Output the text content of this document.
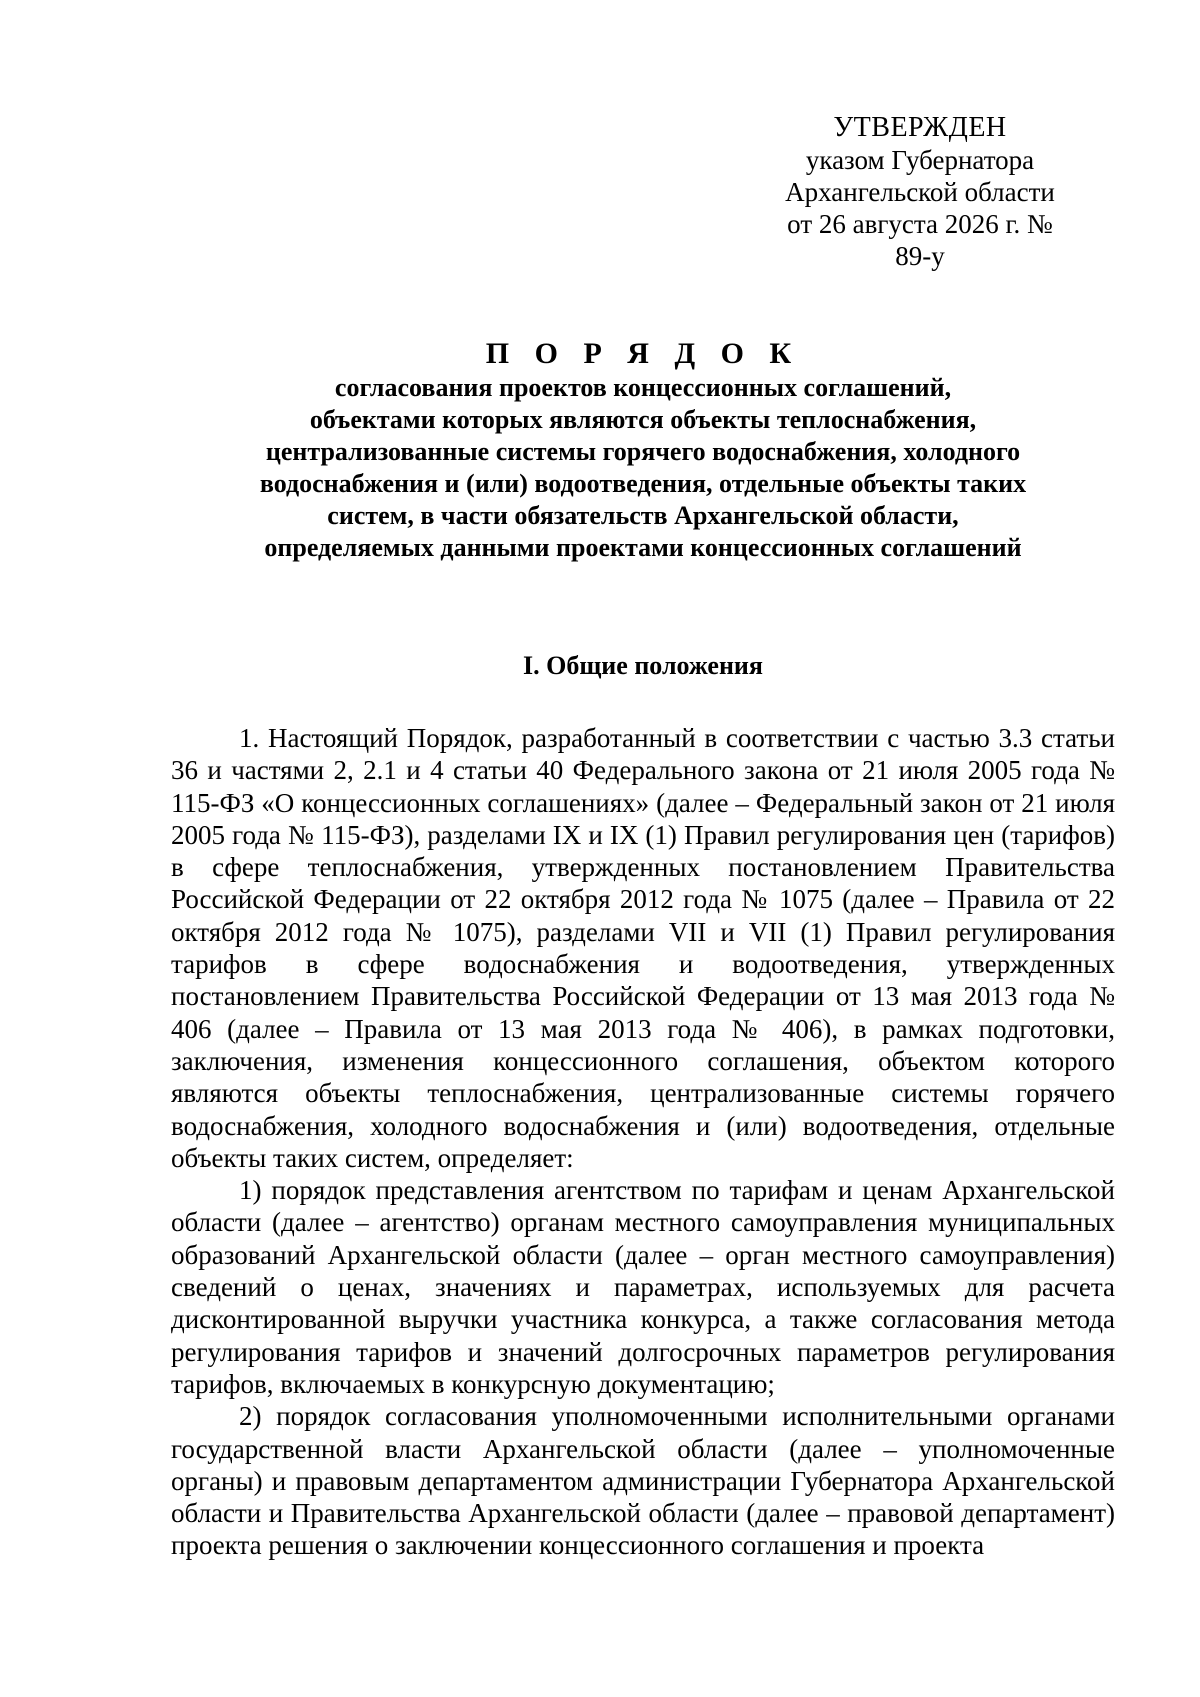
УТВЕРЖДЕН
указом Губернатора
Архангельской области
от 26 августа 2026 г. № 89-у
П О Р Я Д О К
согласования проектов концессионных соглашений,
объектами которых являются объекты теплоснабжения,
централизованные системы горячего водоснабжения, холодного
водоснабжения и (или) водоотведения, отдельные объекты таких
систем, в части обязательств Архангельской области,
определяемых данными проектами концессионных соглашений
I. Общие положения

1. Настоящий Порядок, разработанный в соответствии с частью 3.3 статьи 36 и частями 2, 2.1 и 4 статьи 40 Федерального закона от 21 июля 2005 года № 115-ФЗ «О концессионных соглашениях» (далее – Федеральный закон от 21 июля 2005 года № 115-ФЗ), разделами IX и IX (1) Правил регулирования цен (тарифов) в сфере теплоснабжения, утвержденных постановлением Правительства Российской Федерации от 22 октября 2012 года № 1075 (далее – Правила от 22 октября 2012 года № 1075), разделами VII и VII (1) Правил регулирования тарифов в сфере водоснабжения и водоотведения, утвержденных постановлением Правительства Российской Федерации от 13 мая 2013 года № 406 (далее – Правила от 13 мая 2013 года № 406), в рамках подготовки, заключения, изменения концессионного соглашения, объектом которого являются объекты теплоснабжения, централизованные системы горячего водоснабжения, холодного водоснабжения и (или) водоотведения, отдельные объекты таких систем, определяет:

1) порядок представления агентством по тарифам и ценам Архангельской области (далее – агентство) органам местного самоуправления муниципальных образований Архангельской области (далее – орган местного самоуправления) сведений о ценах, значениях и параметрах, используемых для расчета дисконтированной выручки участника конкурса, а также согласования метода регулирования тарифов и значений долгосрочных параметров регулирования тарифов, включаемых в конкурсную документацию;

2) порядок согласования уполномоченными исполнительными органами государственной власти Архангельской области (далее – уполномоченные органы) и правовым департаментом администрации Губернатора Архангельской области и Правительства Архангельской области (далее – правовой департамент) проекта решения о заключении концессионного соглашения и проекта
